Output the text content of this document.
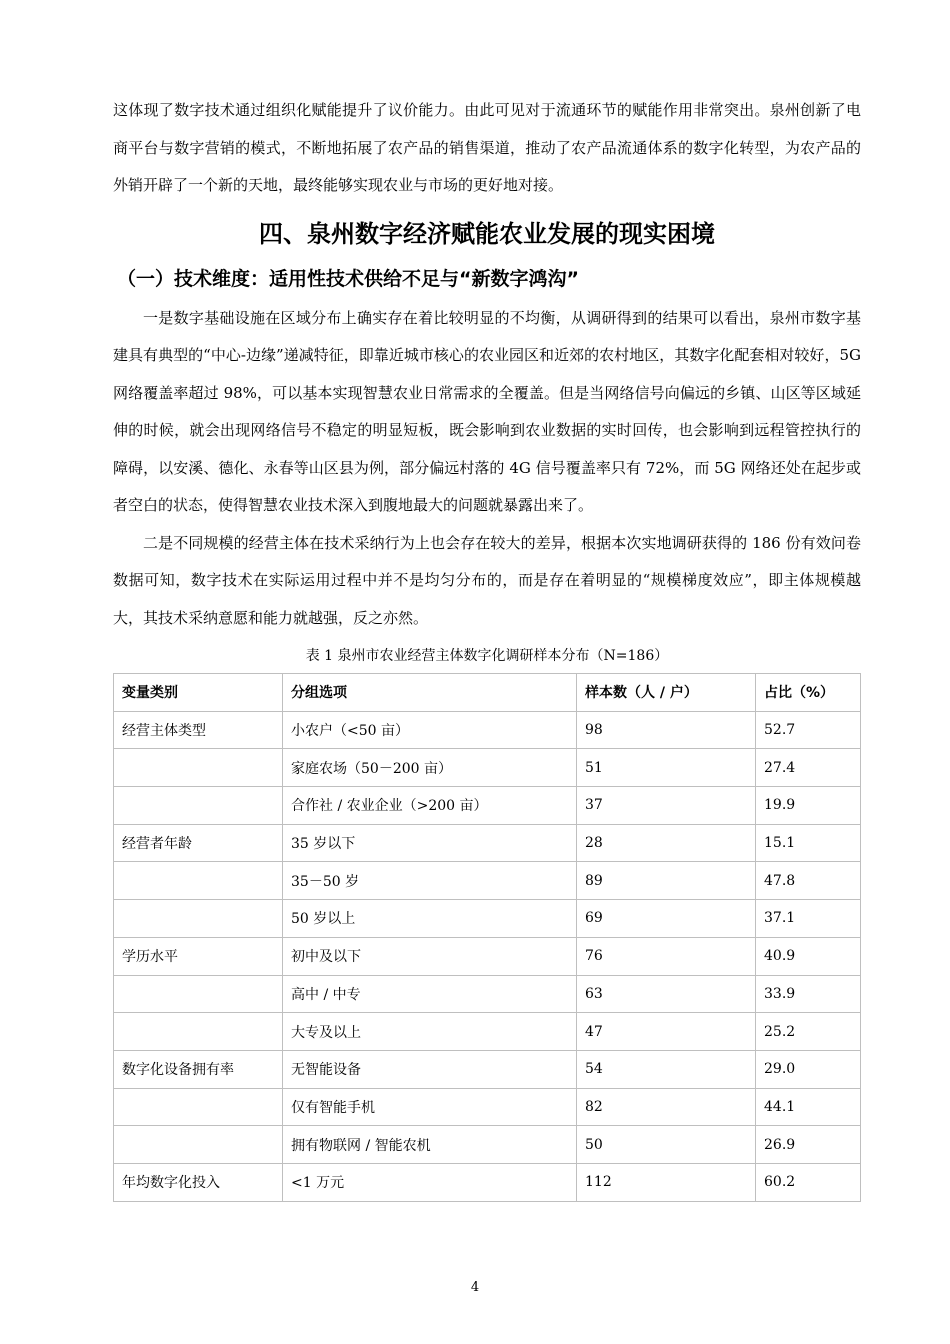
这体现了数字技术通过组织化赋能提升了议价能力。由此可见对于流通环节的赋能作用非常突出。泉州创新了电商平台与数字营销的模式，不断地拓展了农产品的销售渠道，推动了农产品流通体系的数字化转型，为农产品的外销开辟了一个新的天地，最终能够实现农业与市场的更好地对接。

四、泉州数字经济赋能农业发展的现实困境
（一）技术维度：适用性技术供给不足与“新数字鸿沟”

一是数字基础设施在区域分布上确实存在着比较明显的不均衡，从调研得到的结果可以看出，泉州市数字基建具有典型的“中心-边缘”递减特征，即靠近城市核心的农业园区和近郊的农村地区，其数字化配套相对较好，5G 网络覆盖率超过 98%，可以基本实现智慧农业日常需求的全覆盖。但是当网络信号向偏远的乡镇、山区等区域延伸的时候，就会出现网络信号不稳定的明显短板，既会影响到农业数据的实时回传，也会影响到远程管控执行的障碍，以安溪、德化、永春等山区县为例，部分偏远村落的 4G 信号覆盖率只有 72%，而 5G 网络还处在起步或者空白的状态，使得智慧农业技术深入到腹地最大的问题就暴露出来了。

二是不同规模的经营主体在技术采纳行为上也会存在较大的差异，根据本次实地调研获得的 186 份有效问卷数据可知，数字技术在实际运用过程中并不是均匀分布的，而是存在着明显的“规模梯度效应”，即主体规模越大，其技术采纳意愿和能力就越强，反之亦然。

表 1 泉州市农业经营主体数字化调研样本分布（N=186）
变量类别	分组选项	样本数（人 / 户）	占比（%）
经营主体类型	小农户（<50 亩）	98	52.7
	家庭农场（50－200 亩）	51	27.4
	合作社 / 农业企业（>200 亩）	37	19.9
经营者年龄	35 岁以下	28	15.1
	35－50 岁	89	47.8
	50 岁以上	69	37.1
学历水平	初中及以下	76	40.9
	高中 / 中专	63	33.9
	大专及以上	47	25.2
数字化设备拥有率	无智能设备	54	29.0
	仅有智能手机	82	44.1
	拥有物联网 / 智能农机	50	26.9
年均数字化投入	<1 万元	112	60.2
4
